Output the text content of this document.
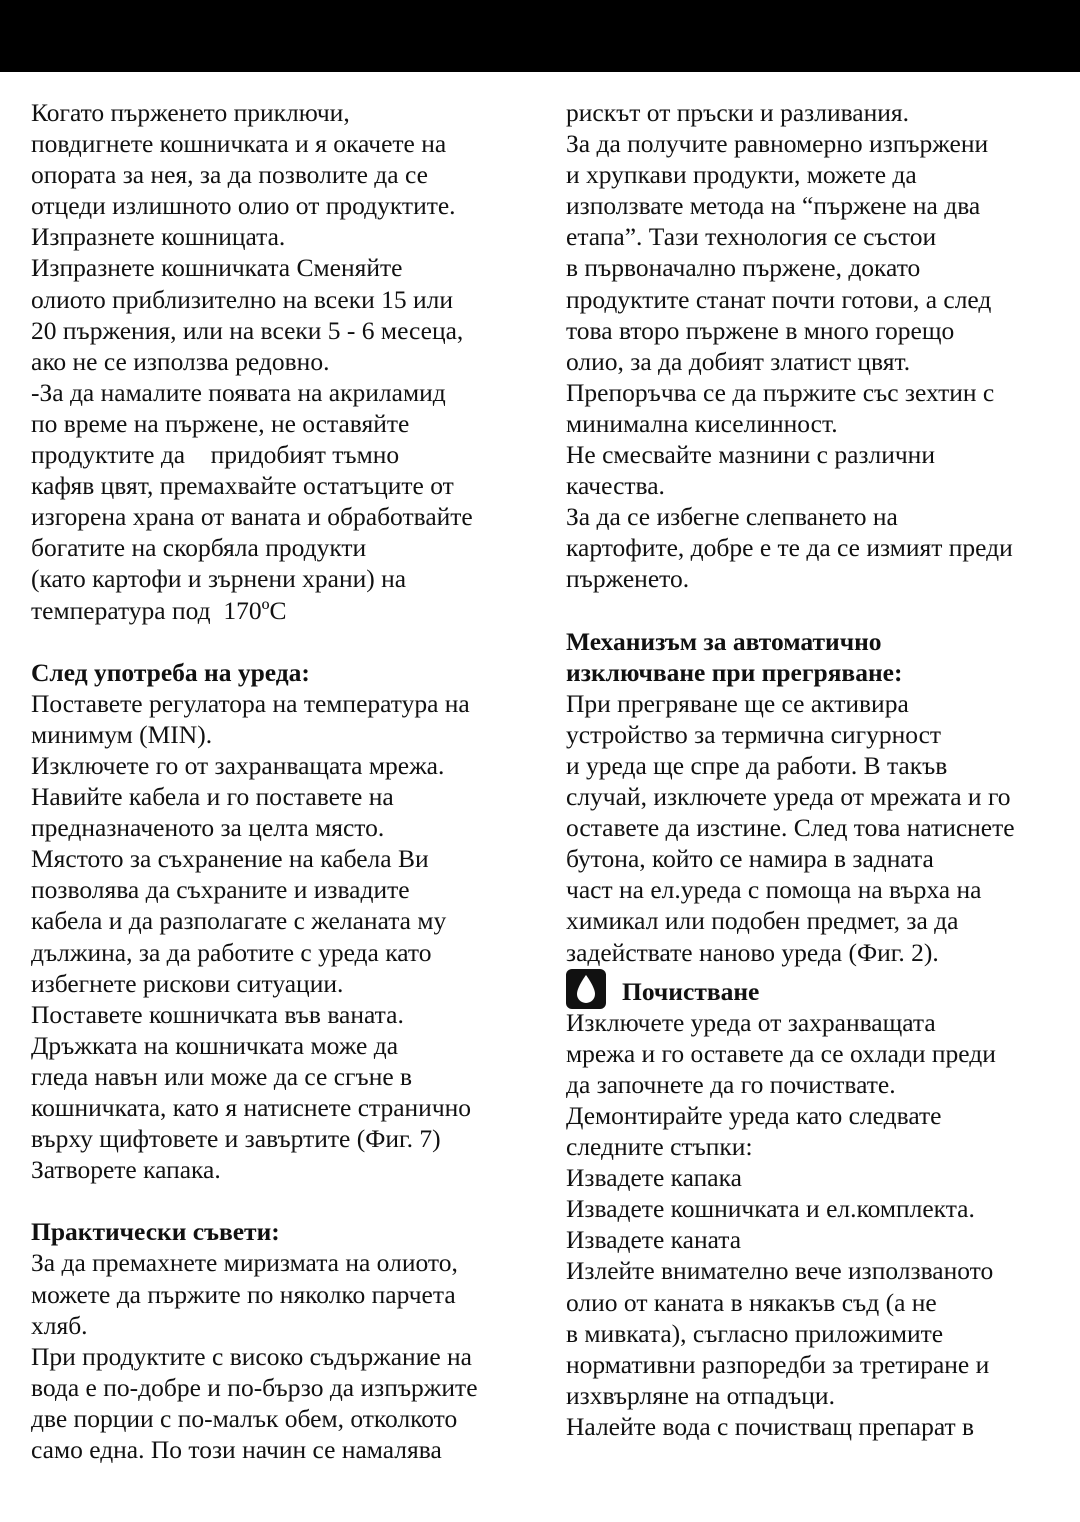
Когато пърженето приключи,
повдигнете кошничката и я окачете на
опората за нея, за да позволите да се
отцеди излишното олио от продуктите.
Изпразнете кошницата.
Изпразнете кошничката Сменяйте
олиото приблизително на всеки 15 или
20 пържения, или на всеки 5 - 6 месеца,
ако не се използва редовно.
-За да намалите появата на акриламид
по време на пържене, не оставяйте
продуктите да    придобият тъмно
кафяв цвят, премахвайте остатъците от
изгорена храна от ваната и обработвайте
богатите на скорбяла продукти
(като картофи и зърнени храни) на
температура под  170ºC
След употреба на уреда:
Поставете регулатора на температура на
минимум (MIN).
Изключете го от захранващата мрежа.
Навийте кабела и го поставете на
предназначеното за целта място.
Мястото за съхранение на кабела Ви
позволява да съхраните и извадите
кабела и да разполагате с желаната му
дължина, за да работите с уреда като
избегнете рискови ситуации.
Поставете кошничката във ваната.
Дръжката на кошничката може да
гледа навън или може да се сгъне в
кошничката, като я натиснете странично
върху щифтовете и завъртите (Фиг. 7)
Затворете капака.
Практически съвети:
За да премахнете миризмата на олиото,
можете да пържите по няколко парчета
хляб.
При продуктите с високо съдържание на
вода е по-добре и по-бързо да изпържите
две порции с по-малък обем, отколкото
само една. По този начин се намалява
рискът от пръски и разливания.
За да получите равномерно изпържени
и хрупкави продукти, можете да
използвате метода на “пържене на два
етапа”. Тази технология се състои
в първоначално пържене, докато
продуктите станат почти готови, а след
това второ пържене в много горещо
олио, за да добият златист цвят.
Препоръчва се да пържите със зехтин с
минимална киселинност.
Не смесвайте мазнини с различни
качества.
За да се избегне слепването на
картофите, добре е те да се измият преди
пърженето.
Механизъм за автоматично
изключване при прегряване:
При прегряване ще се активира
устройство за термична сигурност
и уреда ще спре да работи. В такъв
случай, изключете уреда от мрежата и го
оставете да изстине. След това натиснете
бутона, който се намира в задната
част на ел.уреда с помоща на върха на
химикал или подобен предмет, за да
задействате наново уреда (Фиг. 2).
Почистване
Изключете уреда от захранващата
мрежа и го оставете да се охлади преди
да започнете да го почиствате.
Демонтирайте уреда като следвате
следните стъпки:
Извадете капака
Извадете кошничката и ел.комплекта.
Извадете каната
Излейте внимателно вече използваното
олио от каната в някакъв съд (а не
в мивката), съгласно приложимите
нормативни разпоредби за третиране и
изхвърляне на отпадъци.
Налейте вода с почистващ препарат в
